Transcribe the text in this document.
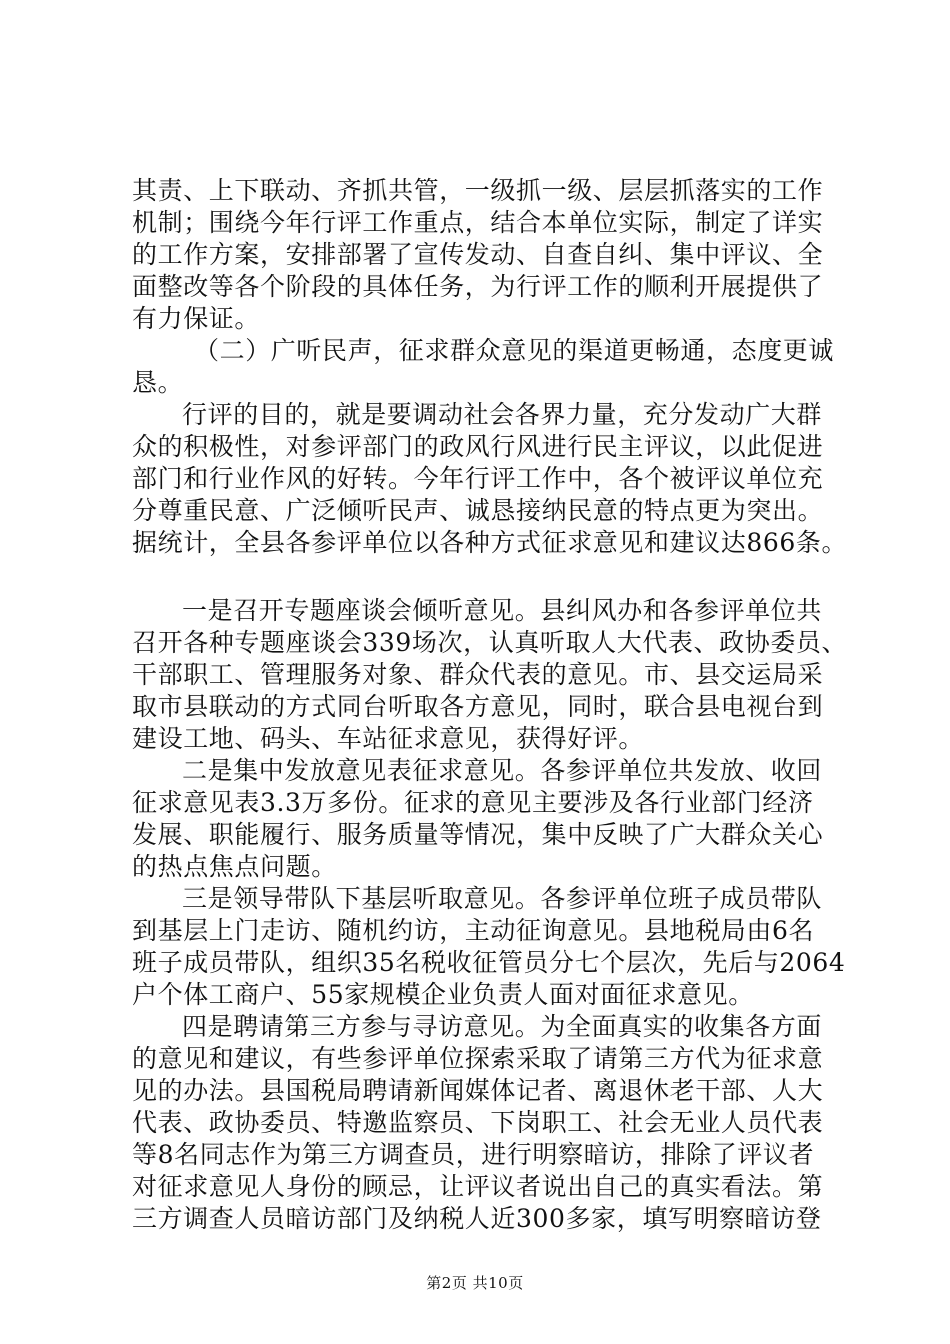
其责、上下联动、齐抓共管，一级抓一级、层层抓落实的工作
机制；围绕今年行评工作重点，结合本单位实际，制定了详实
的工作方案，安排部署了宣传发动、自查自纠、集中评议、全
面整改等各个阶段的具体任务，为行评工作的顺利开展提供了
有力保证。
（二）广听民声，征求群众意见的渠道更畅通，态度更诚
恳。
行评的目的，就是要调动社会各界力量，充分发动广大群
众的积极性，对参评部门的政风行风进行民主评议，以此促进
部门和行业作风的好转。今年行评工作中，各个被评议单位充
分尊重民意、广泛倾听民声、诚恳接纳民意的特点更为突出。
据统计，全县各参评单位以各种方式征求意见和建议达866条。
一是召开专题座谈会倾听意见。县纠风办和各参评单位共
召开各种专题座谈会339场次，认真听取人大代表、政协委员、
干部职工、管理服务对象、群众代表的意见。市、县交运局采
取市县联动的方式同台听取各方意见，同时，联合县电视台到
建设工地、码头、车站征求意见，获得好评。
二是集中发放意见表征求意见。各参评单位共发放、收回
征求意见表3.3万多份。征求的意见主要涉及各行业部门经济
发展、职能履行、服务质量等情况，集中反映了广大群众关心
的热点焦点问题。
三是领导带队下基层听取意见。各参评单位班子成员带队
到基层上门走访、随机约访，主动征询意见。县地税局由6名
班子成员带队，组织35名税收征管员分七个层次，先后与2064
户个体工商户、55家规模企业负责人面对面征求意见。
四是聘请第三方参与寻访意见。为全面真实的收集各方面
的意见和建议，有些参评单位探索采取了请第三方代为征求意
见的办法。县国税局聘请新闻媒体记者、离退休老干部、人大
代表、政协委员、特邀监察员、下岗职工、社会无业人员代表
等8名同志作为第三方调查员，进行明察暗访，排除了评议者
对征求意见人身份的顾忌，让评议者说出自己的真实看法。第
三方调查人员暗访部门及纳税人近300多家，填写明察暗访登
第2页 共10页
